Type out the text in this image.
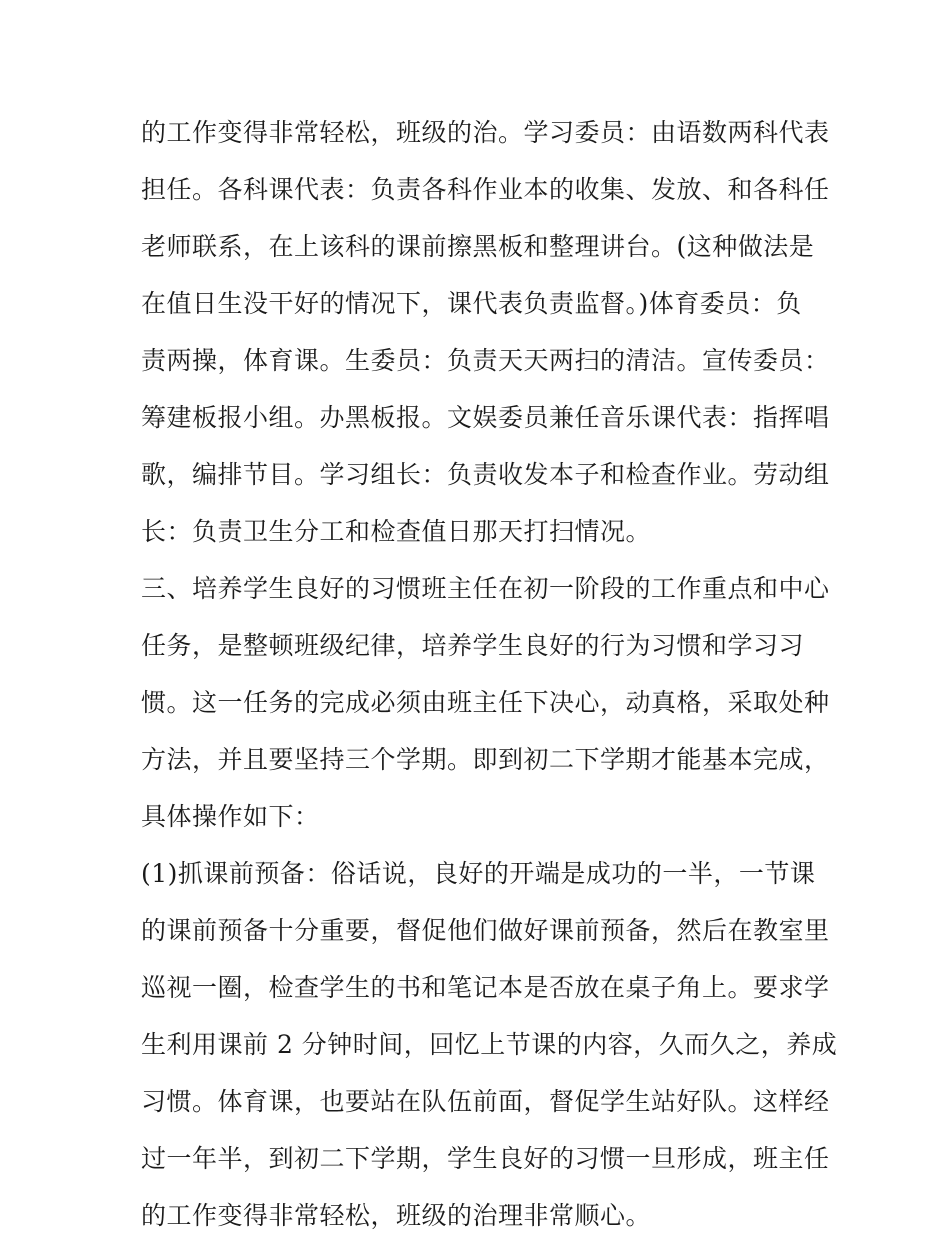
的工作变得非常轻松，班级的治。学习委员：由语数两科代表
担任。各科课代表：负责各科作业本的收集、发放、和各科任
老师联系，在上该科的课前擦黑板和整理讲台。(这种做法是
在值日生没干好的情况下，课代表负责监督。)体育委员：负
责两操，体育课。生委员：负责天天两扫的清洁。宣传委员：
筹建板报小组。办黑板报。文娱委员兼任音乐课代表：指挥唱
歌，编排节目。学习组长：负责收发本子和检查作业。劳动组
长：负责卫生分工和检查值日那天打扫情况。
三、培养学生良好的习惯班主任在初一阶段的工作重点和中心
任务，是整顿班级纪律，培养学生良好的行为习惯和学习习
惯。这一任务的完成必须由班主任下决心，动真格，采取处种
方法，并且要坚持三个学期。即到初二下学期才能基本完成，
具体操作如下：
(1)抓课前预备：俗话说，良好的开端是成功的一半，一节课
的课前预备十分重要，督促他们做好课前预备，然后在教室里
巡视一圈，检查学生的书和笔记本是否放在桌子角上。要求学
生利用课前 2 分钟时间，回忆上节课的内容，久而久之，养成
习惯。体育课，也要站在队伍前面，督促学生站好队。这样经
过一年半，到初二下学期，学生良好的习惯一旦形成，班主任
的工作变得非常轻松，班级的治理非常顺心。
